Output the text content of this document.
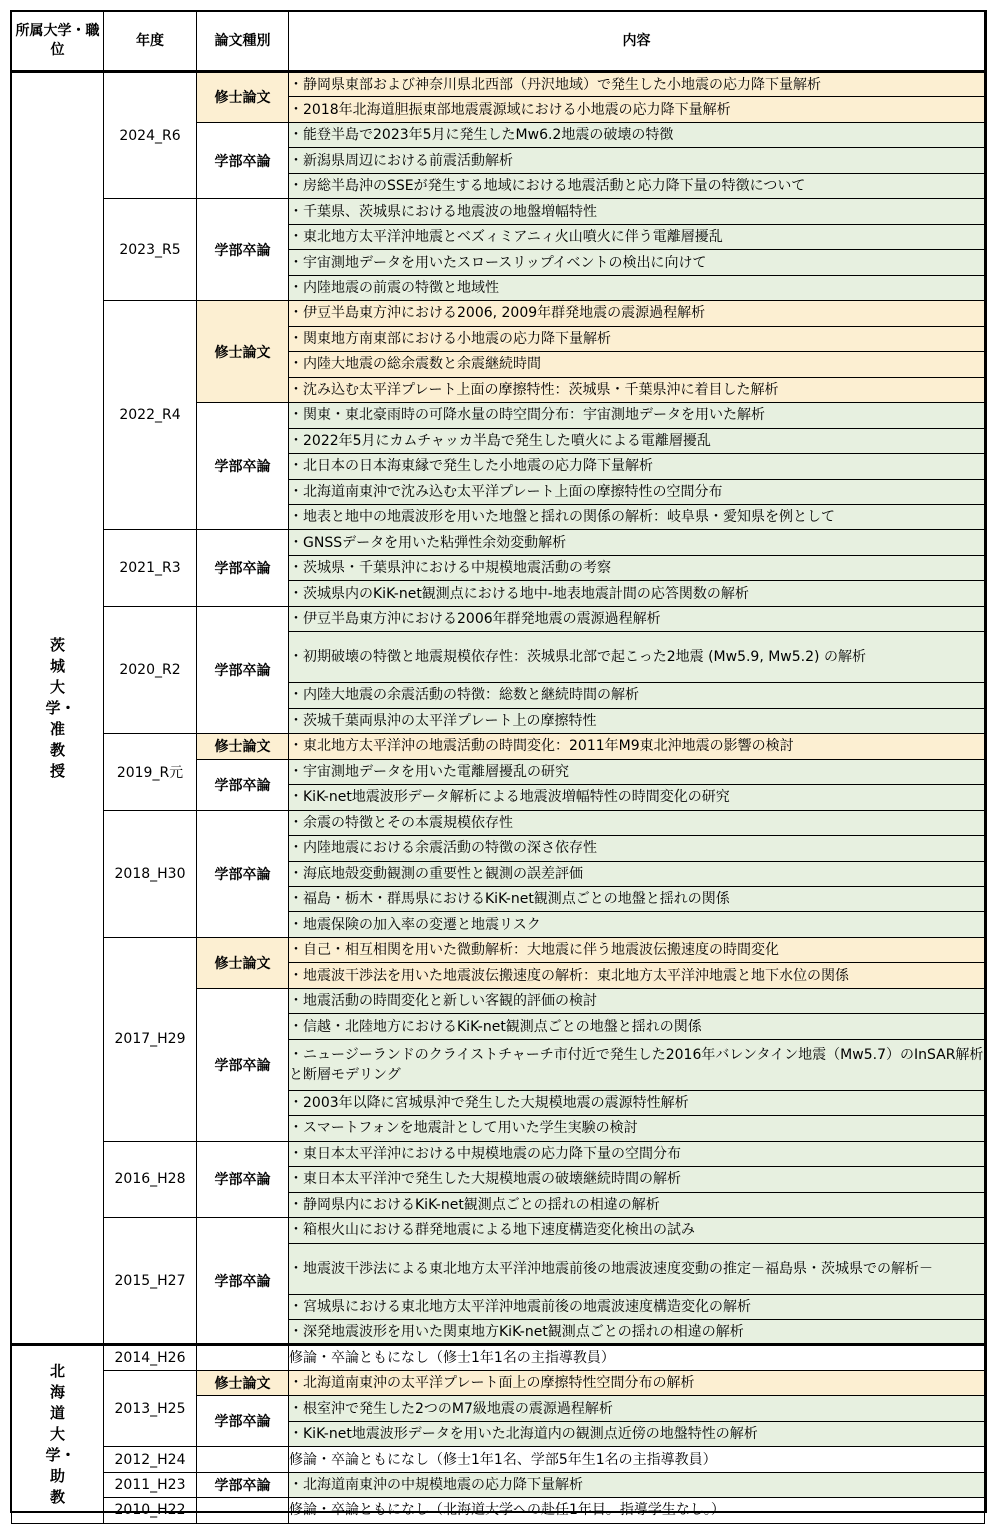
所属大学・職位	年度	論文種別	内容

茨城大学・准教授	2024_R6	修士論文	・静岡県東部および神奈川県北西部（丹沢地域）で発生した小地震の応力降下量解析
			・2018年北海道胆振東部地震震源域における小地震の応力降下量解析
		学部卒論	・能登半島で2023年5月に発生したMw6.2地震の破壊の特徴
			・新潟県周辺における前震活動解析
			・房総半島沖のSSEが発生する地域における地震活動と応力降下量の特徴について
	2023_R5	学部卒論	・千葉県、茨城県における地震波の地盤増幅特性
			・東北地方太平洋沖地震とベズィミアニィ火山噴火に伴う電離層擾乱
			・宇宙測地データを用いたスロースリップイベントの検出に向けて
			・内陸地震の前震の特徴と地域性
	2022_R4	修士論文	・伊豆半島東方沖における2006, 2009年群発地震の震源過程解析
			・関東地方南東部における小地震の応力降下量解析
			・内陸大地震の総余震数と余震継続時間
			・沈み込む太平洋プレート上面の摩擦特性：茨城県・千葉県沖に着目した解析
		学部卒論	・関東・東北豪雨時の可降水量の時空間分布：宇宙測地データを用いた解析
			・2022年5月にカムチャッカ半島で発生した噴火による電離層擾乱
			・北日本の日本海東縁で発生した小地震の応力降下量解析
			・北海道南東沖で沈み込む太平洋プレート上面の摩擦特性の空間分布
			・地表と地中の地震波形を用いた地盤と揺れの関係の解析：岐阜県・愛知県を例として
	2021_R3	学部卒論	・GNSSデータを用いた粘弾性余効変動解析
			・茨城県・千葉県沖における中規模地震活動の考察
			・茨城県内のKiK-net観測点における地中-地表地震計間の応答関数の解析
	2020_R2	学部卒論	・伊豆半島東方沖における2006年群発地震の震源過程解析
			・初期破壊の特徴と地震規模依存性：茨城県北部で起こった2地震 (Mw5.9, Mw5.2) の解析

			・内陸大地震の余震活動の特徴：総数と継続時間の解析
			・茨城千葉両県沖の太平洋プレート上の摩擦特性
	2019_R元	修士論文	・東北地方太平洋沖の地震活動の時間変化：2011年M9東北沖地震の影響の検討
		学部卒論	・宇宙測地データを用いた電離層擾乱の研究
			・KiK-net地震波形データ解析による地震波増幅特性の時間変化の研究
	2018_H30	学部卒論	・余震の特徴とその本震規模依存性
			・内陸地震における余震活動の特徴の深さ依存性
			・海底地殻変動観測の重要性と観測の誤差評価
			・福島・栃木・群馬県におけるKiK-net観測点ごとの地盤と揺れの関係
			・地震保険の加入率の変遷と地震リスク
	2017_H29	修士論文	・自己・相互相関を用いた微動解析：大地震に伴う地震波伝搬速度の時間変化
			・地震波干渉法を用いた地震波伝搬速度の解析：東北地方太平洋沖地震と地下水位の関係
		学部卒論	・地震活動の時間変化と新しい客観的評価の検討
			・信越・北陸地方におけるKiK-net観測点ごとの地盤と揺れの関係
			・ニュージーランドのクライストチャーチ市付近で発生した2016年バレンタイン地震（Mw5.7）のInSAR解析と断層モデリング

			・2003年以降に宮城県沖で発生した大規模地震の震源特性解析
			・スマートフォンを地震計として用いた学生実験の検討
	2016_H28	学部卒論	・東日本太平洋沖における中規模地震の応力降下量の空間分布
			・東日本太平洋沖で発生した大規模地震の破壊継続時間の解析
			・静岡県内におけるKiK-net観測点ごとの揺れの相違の解析
	2015_H27	学部卒論	・箱根火山における群発地震による地下速度構造変化検出の試み
			・地震波干渉法による東北地方太平洋沖地震前後の地震波速度変動の推定－福島県・茨城県での解析－

			・宮城県における東北地方太平洋沖地震前後の地震波速度構造変化の解析
			・深発地震波形を用いた関東地方KiK-net観測点ごとの揺れの相違の解析

北海道大学・助教	2014_H26		修論・卒論ともになし（修士1年1名の主指導教員）
	2013_H25	修士論文	・北海道南東沖の太平洋プレート面上の摩擦特性空間分布の解析
		学部卒論	・根室沖で発生した2つのM7級地震の震源過程解析
			・KiK-net地震波形データを用いた北海道内の観測点近傍の地盤特性の解析
	2012_H24		修論・卒論ともになし（修士1年1名、学部5年生1名の主指導教員）
	2011_H23	学部卒論	・北海道南東沖の中規模地震の応力降下量解析
	2010_H22		修論・卒論ともになし（北海道大学への赴任1年目。指導学生なし。）
